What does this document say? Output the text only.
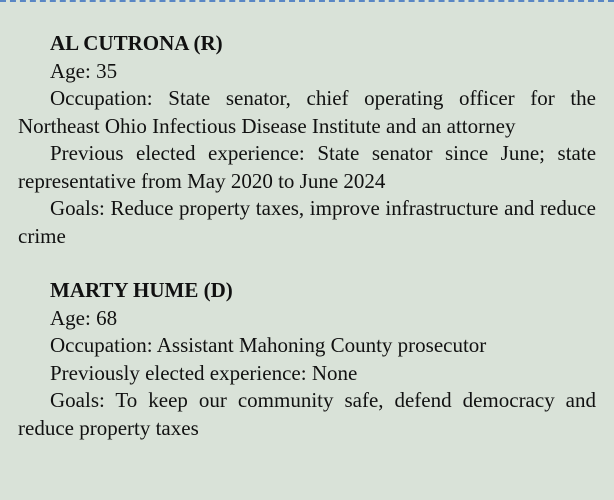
AL CUTRONA (R)

Age: 35

Occupation: State senator, chief operating officer for the Northeast Ohio Infectious Disease Institute and an attorney

Previous elected experience: State senator since June; state representative from May 2020 to June 2024

Goals: Reduce property taxes, improve infrastructure and reduce crime

MARTY HUME (D)

Age: 68

Occupation: Assistant Mahoning County prosecutor

Previously elected experience: None

Goals: To keep our community safe, defend democracy and reduce property taxes
